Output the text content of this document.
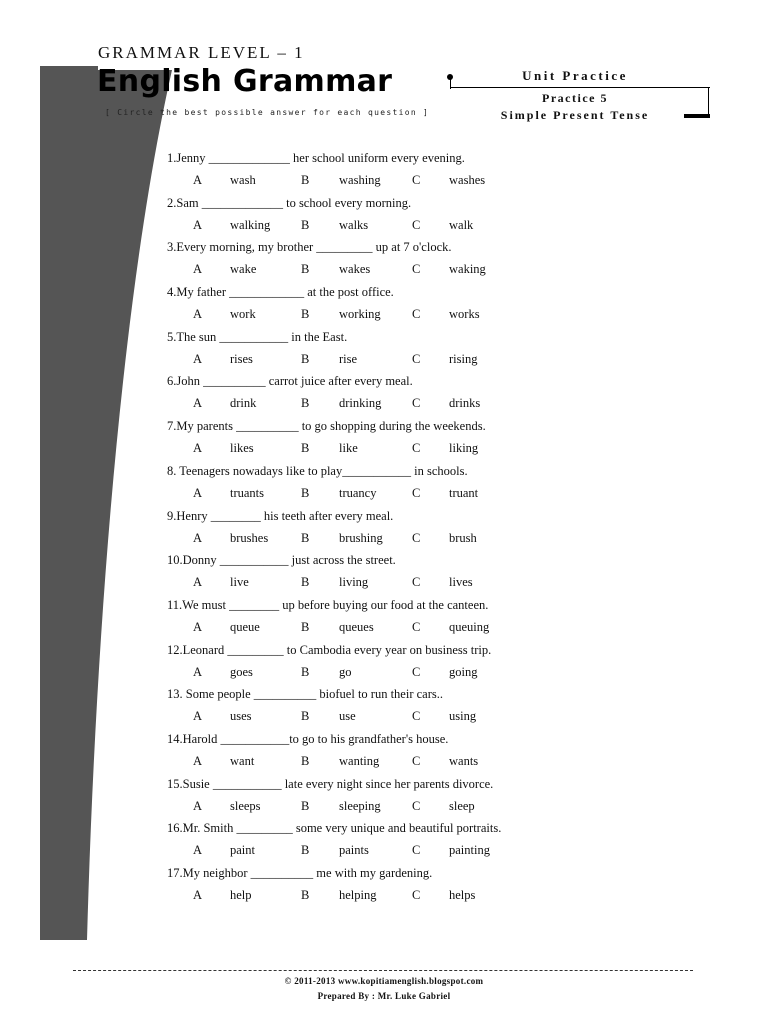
GRAMMAR LEVEL – 1
English Grammar
[ Circle the best possible answer for each question ]
Unit Practice
Practice 5
Simple Present Tense
1.Jenny _____________ her school uniform every evening.
A wash	B washing	C washes
2.Sam _____________ to school every morning.
A walking B walks	C walk
3.Every morning, my brother _________ up at 7 o'clock.
A wake	B wakes	C waking
4.My father ____________ at the post office.
A work	B working	C works
5.The sun ___________ in the East.
A rises	B rise	C rising
6.John __________ carrot juice after every meal.
A drink	B drinking C drinks
7.My parents __________ to go shopping during the weekends.
A likes	B like	C liking
8. Teenagers nowadays like to play___________ in schools.
A truants	B truancy	C truant
9.Henry ________ his teeth after every meal.
A brushes	B brushing C brush
10.Donny ___________ just across the street.
A live	B living	C lives
11.We must ________ up before buying our food at the canteen.
A queue	B queues	C queuing
12.Leonard _________ to Cambodia every year on business trip.
A goes	B go	C going
13. Some people __________ biofuel to run their cars..
A uses	B use	C using
14.Harold ___________to go to his grandfather's house.
A want	B wanting	C wants
15.Susie ___________ late every night since her parents divorce.
A sleeps	B sleeping	C sleep
16.Mr. Smith _________ some very unique and beautiful portraits.
A paint	B paints	C painting
17.My neighbor __________ me with my gardening.
A help	B helping	C helps
© 2011-2013 www.kopitiamenglish.blogspot.com
Prepared By : Mr. Luke Gabriel
